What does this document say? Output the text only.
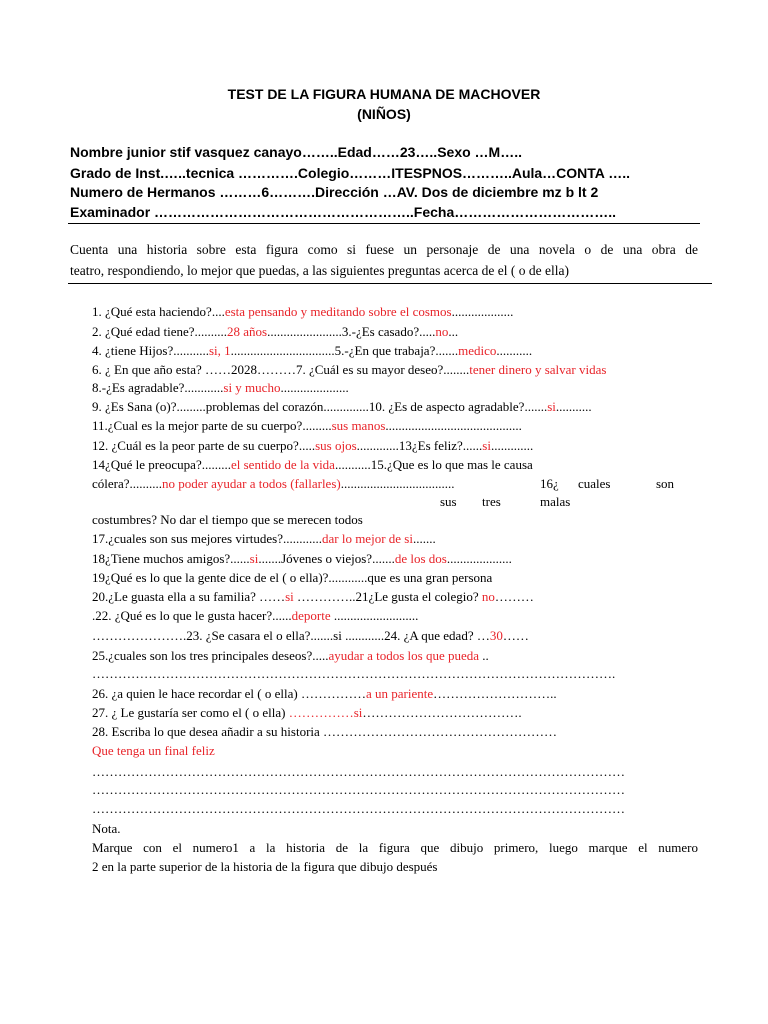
TEST DE LA FIGURA HUMANA DE MACHOVER
(NIÑOS)
Nombre junior stif vasquez canayo……..Edad……23…..Sexo …M…..
Grado de Inst.…..tecnica ………….Colegio………ITESPNOS………..Aula…CONTA …..
Numero de Hermanos ………6……….Dirección …AV. Dos de diciembre mz b lt 2
Examinador ………………………………………………..Fecha……………………………..
Cuenta una historia sobre esta figura como si fuese un personaje de una novela o de una obra de
teatro, respondiendo, lo mejor que puedas, a las siguientes preguntas acerca de el ( o de ella)
1. ¿Qué esta haciendo?....esta pensando y meditando sobre el cosmos...................
2. ¿Qué edad tiene?..........28 años.......................3.-¿Es casado?.....no...
4. ¿tiene Hijos?...........si, 1................................5.-¿En que trabaja?.......medico...........
6. ¿ En que año esta? ……2028………7. ¿Cuál es su mayor deseo?........tener dinero y salvar vidas
8.-¿Es agradable?............si y mucho.....................
9. ¿Es Sana (o)?.........problemas del corazón..............10. ¿Es de aspecto agradable?.......si...........
11.¿Cual es la mejor parte de su cuerpo?.........sus manos..........................................
12. ¿Cuál es la peor parte de su cuerpo?.....sus ojos.............13¿Es feliz?......si.............
14¿Qué le preocupa?.........el sentido de la vida...........15.¿Que es lo que mas le causa
cólera?..........no poder ayudar a todos (fallarles)...................................	16¿ cuales	son
sus tres	malas
costumbres? No dar el tiempo que se merecen todos
17.¿cuales son sus mejores virtudes?............dar lo mejor de si.......
18¿Tiene muchos amigos?......si.......Jóvenes o viejos?.......de los dos....................
19¿Qué es lo que la gente dice de el ( o ella)?............que es una gran persona
20.¿Le guasta ella a su familia? ……si …………..21¿Le gusta el colegio? no………
.22. ¿Qué es lo que le gusta hacer?......deporte ..........................
………………….23. ¿Se casara el o ella?.......si ............24. ¿A que edad? …30……
25.¿cuales son los tres principales deseos?.....ayudar a todos los que pueda ..
………………………………………………………………………………………………………….
26. ¿a quien le hace recordar el ( o ella) ……………a un pariente………………………..
27. ¿ Le gustaría ser como el ( o ella) ……………si……………………………….
28. Escriba lo que desea añadir a su historia ………………………………………………
Que tenga un final feliz
……………………………………………………………………………………………………………
……………………………………………………………………………………………………………
……………………………………………………………………………………………………………
Nota.
Marque con el numero1 a la historia de la figura que dibujo primero, luego marque el numero
2 en la parte superior de la historia de la figura que dibujo después
